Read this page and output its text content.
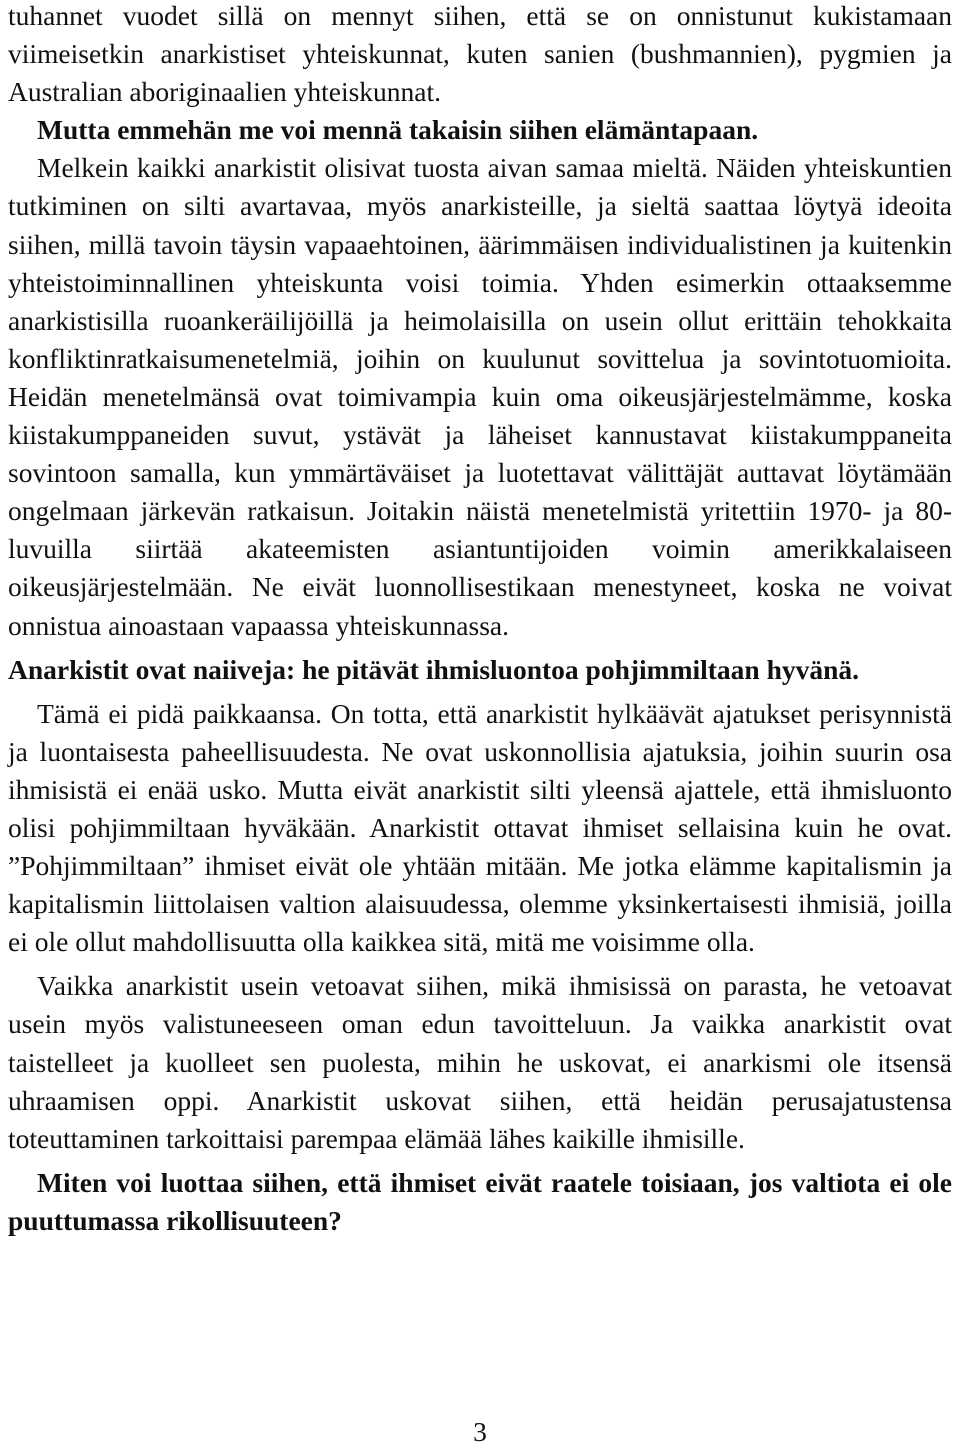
tuhannet vuodet sillä on mennyt siihen, että se on onnistunut kukistamaan viimeisetkin anarkistiset yhteiskunnat, kuten sanien (bushmannien), pygmien ja Australian aboriginaalien yhteiskunnat.

Mutta emmehän me voi mennä takaisin siihen elämäntapaan.

Melkein kaikki anarkistit olisivat tuosta aivan samaa mieltä. Näiden yhteiskuntien tutkiminen on silti avartavaa, myös anarkisteille, ja sieltä saattaa löytyä ideoita siihen, millä tavoin täysin vapaaehtoinen, äärimmäisen individualistinen ja kuitenkin yhteistoiminnallinen yhteiskunta voisi toimia. Yhden esimerkin ottaaksemme anarkistisilla ruoankeräilijöillä ja heimolaisilla on usein ollut erittäin tehokkaita konfliktinratkaisumenetelmiä, joihin on kuulunut sovittelua ja sovintotuomioita. Heidän menetelmänsä ovat toimivampia kuin oma oikeusjärjestelmämme, koska kiistakumppaneiden suvut, ystävät ja läheiset kannustavat kiistakumppaneita sovintoon samalla, kun ymmärtäväiset ja luotettavat välittäjät auttavat löytämään ongelmaan järkevän ratkaisun. Joitakin näistä menetelmistä yritettiin 1970- ja 80-luvuilla siirtää akateemisten asiantuntijoiden voimin amerikkalaiseen oikeusjärjestelmään. Ne eivät luonnollisestikaan menestyneet, koska ne voivat onnistua ainoastaan vapaassa yhteiskunnassa.

Anarkistit ovat naiiveja: he pitävät ihmisluontoa pohjimmiltaan hyvänä.

Tämä ei pidä paikkaansa. On totta, että anarkistit hylkäävät ajatukset perisynnistä ja luontaisesta paheellisuudesta. Ne ovat uskonnollisia ajatuksia, joihin suurin osa ihmisistä ei enää usko. Mutta eivät anarkistit silti yleensä ajattele, että ihmisluonto olisi pohjimmiltaan hyväkään. Anarkistit ottavat ihmiset sellaisina kuin he ovat. ”Pohjimmiltaan” ihmiset eivät ole yhtään mitään. Me jotka elämme kapitalismin ja kapitalismin liittolaisen valtion alaisuudessa, olemme yksinkertaisesti ihmisiä, joilla ei ole ollut mahdollisuutta olla kaikkea sitä, mitä me voisimme olla.

Vaikka anarkistit usein vetoavat siihen, mikä ihmisissä on parasta, he vetoavat usein myös valistuneeseen oman edun tavoitteluun. Ja vaikka anarkistit ovat taistelleet ja kuolleet sen puolesta, mihin he uskovat, ei anarkismi ole itsensä uhraamisen oppi. Anarkistit uskovat siihen, että heidän perusajatustensa toteuttaminen tarkoittaisi parempaa elämää lähes kaikille ihmisille.

Miten voi luottaa siihen, että ihmiset eivät raatele toisiaan, jos valtiota ei ole puuttumassa rikollisuuteen?

3
